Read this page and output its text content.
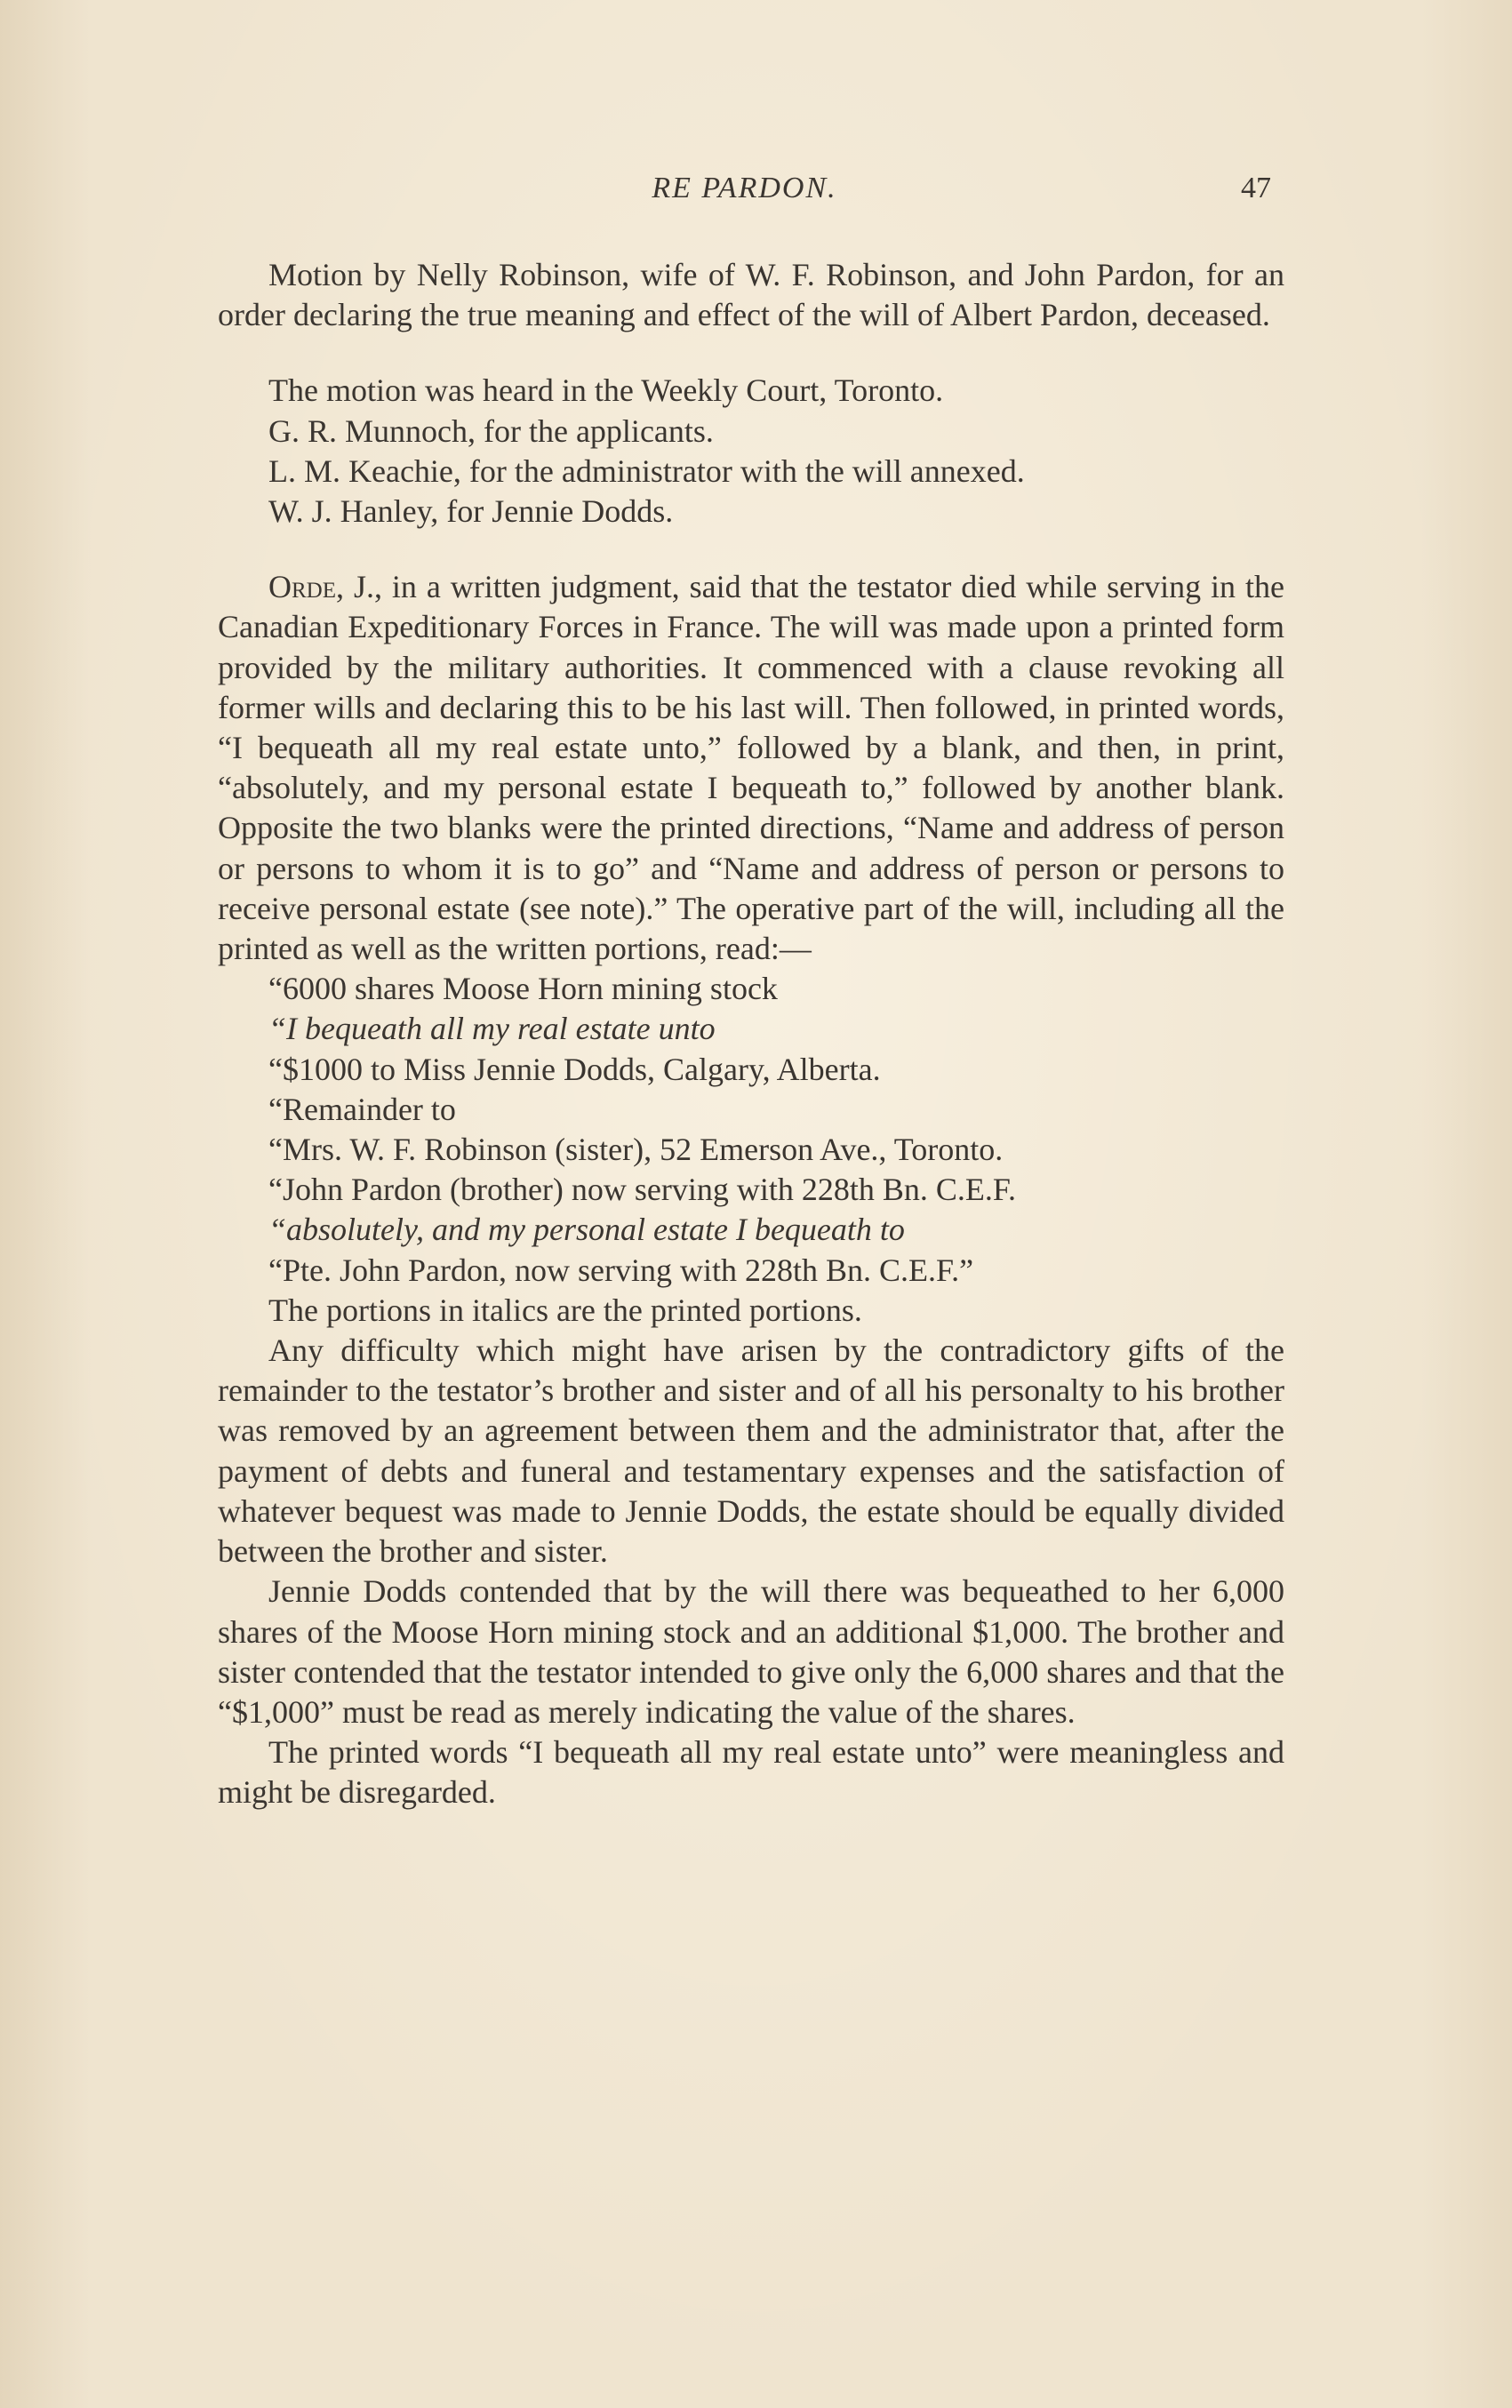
RE PARDON.	47

Motion by Nelly Robinson, wife of W. F. Robinson, and John Pardon, for an order declaring the true meaning and effect of the will of Albert Pardon, deceased.

The motion was heard in the Weekly Court, Toronto.

G. R. Munnoch, for the applicants.

L. M. Keachie, for the administrator with the will annexed.

W. J. Hanley, for Jennie Dodds.

Orde, J., in a written judgment, said that the testator died while serving in the Canadian Expeditionary Forces in France. The will was made upon a printed form provided by the military authorities. It commenced with a clause revoking all former wills and declaring this to be his last will. Then followed, in printed words, “I bequeath all my real estate unto,” followed by a blank, and then, in print, “absolutely, and my personal estate I bequeath to,” followed by another blank. Opposite the two blanks were the printed directions, “Name and address of person or persons to whom it is to go” and “Name and address of person or persons to receive personal estate (see note).” The operative part of the will, including all the printed as well as the written portions, read:—

“6000 shares Moose Horn mining stock

“I bequeath all my real estate unto

“$1000 to Miss Jennie Dodds, Calgary, Alberta.

“Remainder to

“Mrs. W. F. Robinson (sister), 52 Emerson Ave., Toronto.

“John Pardon (brother) now serving with 228th Bn. C.E.F.

“absolutely, and my personal estate I bequeath to

“Pte. John Pardon, now serving with 228th Bn. C.E.F.”

The portions in italics are the printed portions.

Any difficulty which might have arisen by the contradictory gifts of the remainder to the testator’s brother and sister and of all his personalty to his brother was removed by an agreement between them and the administrator that, after the payment of debts and funeral and testamentary expenses and the satisfaction of whatever bequest was made to Jennie Dodds, the estate should be equally divided between the brother and sister.

Jennie Dodds contended that by the will there was bequeathed to her 6,000 shares of the Moose Horn mining stock and an additional $1,000. The brother and sister contended that the testator intended to give only the 6,000 shares and that the “$1,000” must be read as merely indicating the value of the shares.

The printed words “I bequeath all my real estate unto” were meaningless and might be disregarded.
